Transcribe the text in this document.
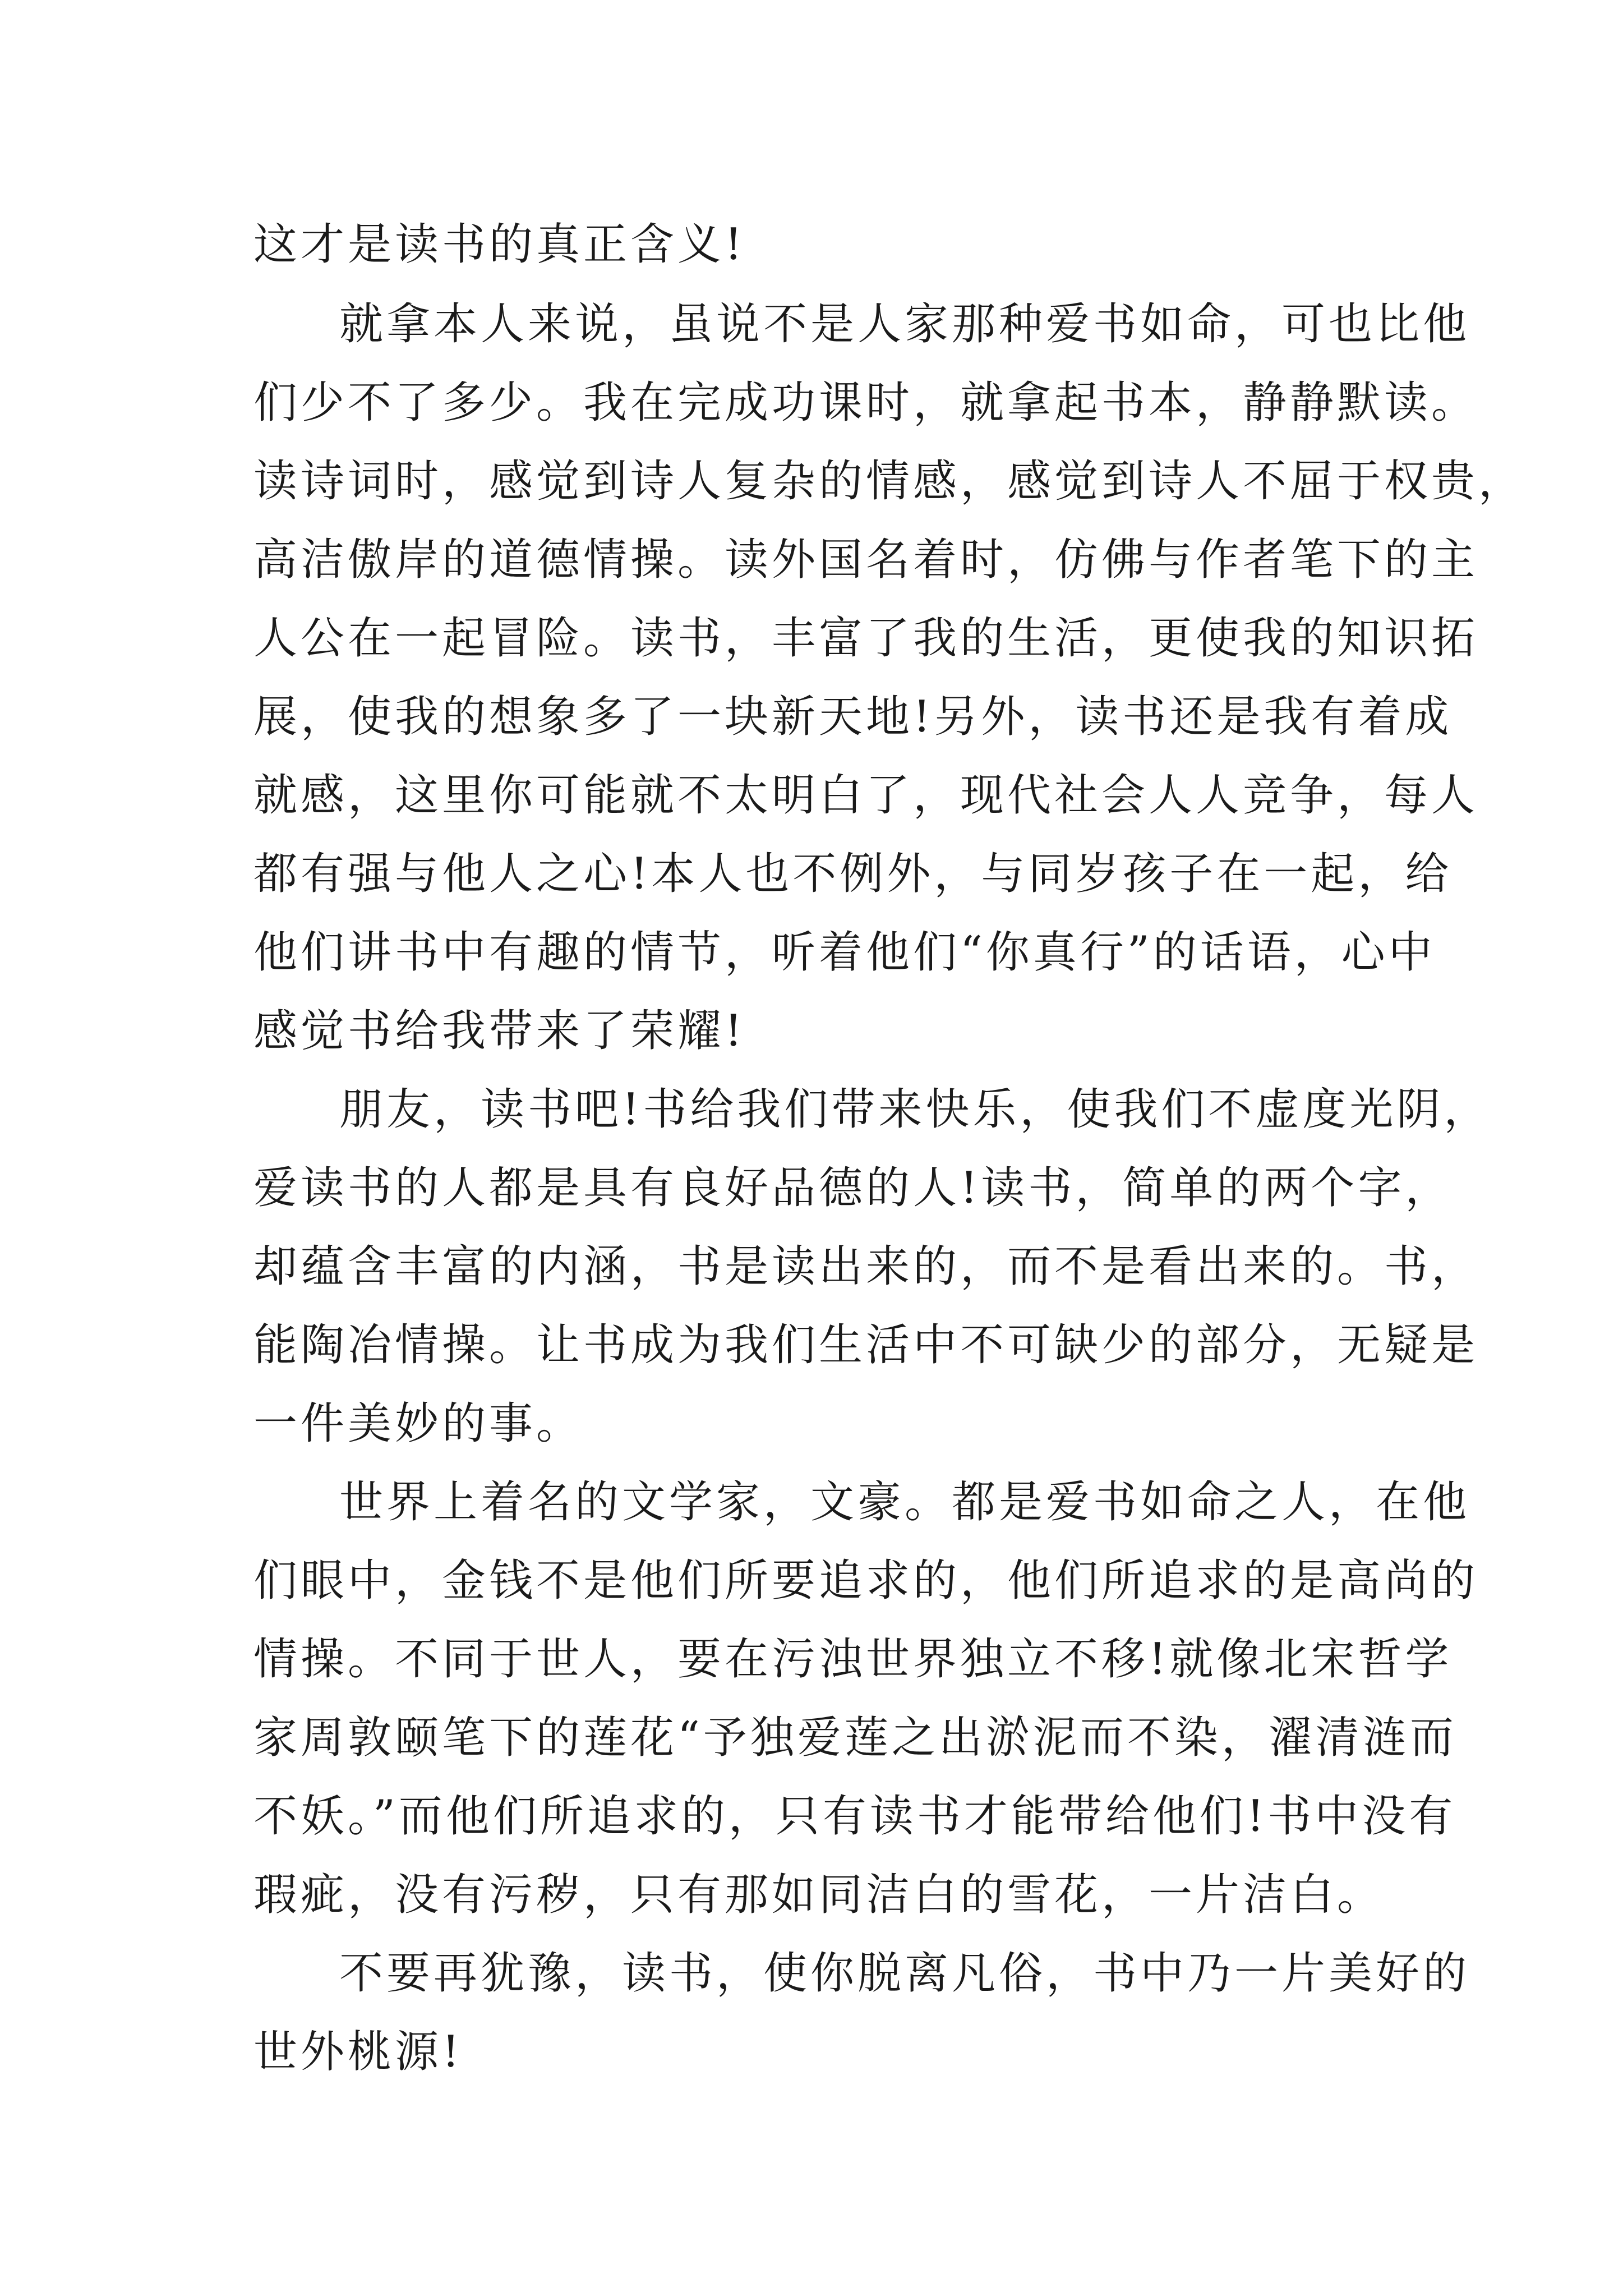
这才是读书的真正含义!
就拿本人来说，虽说不是人家那种爱书如命，可也比他
们少不了多少。我在完成功课时，就拿起书本，静静默读。
读诗词时，感觉到诗人复杂的情感，感觉到诗人不屈于权贵，
高洁傲岸的道德情操。读外国名着时，仿佛与作者笔下的主
人公在一起冒险。读书，丰富了我的生活，更使我的知识拓
展，使我的想象多了一块新天地!另外，读书还是我有着成
就感，这里你可能就不太明白了，现代社会人人竞争，每人
都有强与他人之心!本人也不例外，与同岁孩子在一起，给
他们讲书中有趣的情节，听着他们“你真行”的话语，心中
感觉书给我带来了荣耀!
朋友，读书吧!书给我们带来快乐，使我们不虚度光阴，
爱读书的人都是具有良好品德的人!读书，简单的两个字，
却蕴含丰富的内涵，书是读出来的，而不是看出来的。书，
能陶冶情操。让书成为我们生活中不可缺少的部分，无疑是
一件美妙的事。
世界上着名的文学家，文豪。都是爱书如命之人，在他
们眼中，金钱不是他们所要追求的，他们所追求的是高尚的
情操。不同于世人，要在污浊世界独立不移!就像北宋哲学
家周敦颐笔下的莲花“予独爱莲之出淤泥而不染，濯清涟而
不妖。”而他们所追求的，只有读书才能带给他们!书中没有
瑕疵，没有污秽，只有那如同洁白的雪花，一片洁白。
不要再犹豫，读书，使你脱离凡俗，书中乃一片美好的
世外桃源!
